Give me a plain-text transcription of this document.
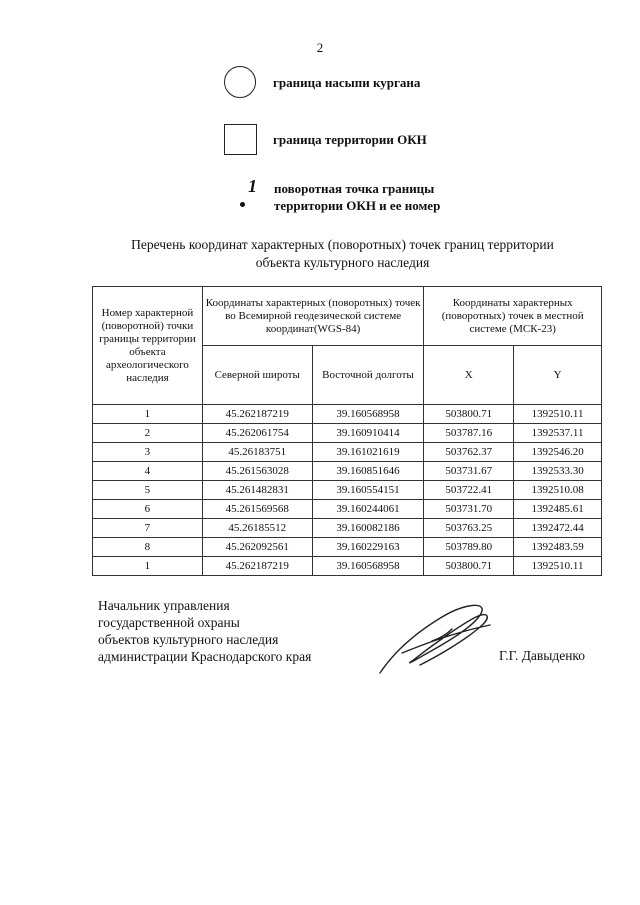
2
граница насыпи кургана
граница территории ОКН
1 поворотная точка границы
территории ОКН и ее номер
Перечень координат характерных (поворотных) точек границ территории
объекта культурного наследия
Номер характерной (поворотной) точки границы территории объекта археологического наследия	Координаты характерных (поворотных) точек во Всемирной геодезической системе координат(WGS-84)		Координаты характерных (поворотных) точек в местной системе (МСК-23)	
	Северной широты	Восточной долготы	X	Y
1	45.262187219	39.160568958	503800.71	1392510.11
2	45.262061754	39.160910414	503787.16	1392537.11
3	45.26183751	39.161021619	503762.37	1392546.20
4	45.261563028	39.160851646	503731.67	1392533.30
5	45.261482831	39.160554151	503722.41	1392510.08
6	45.261569568	39.160244061	503731.70	1392485.61
7	45.26185512	39.160082186	503763.25	1392472.44
8	45.262092561	39.160229163	503789.80	1392483.59
1	45.262187219	39.160568958	503800.71	1392510.11
Начальник управления
государственной охраны
объектов культурного наследия
администрации Краснодарского края	Г.Г. Давыденко
